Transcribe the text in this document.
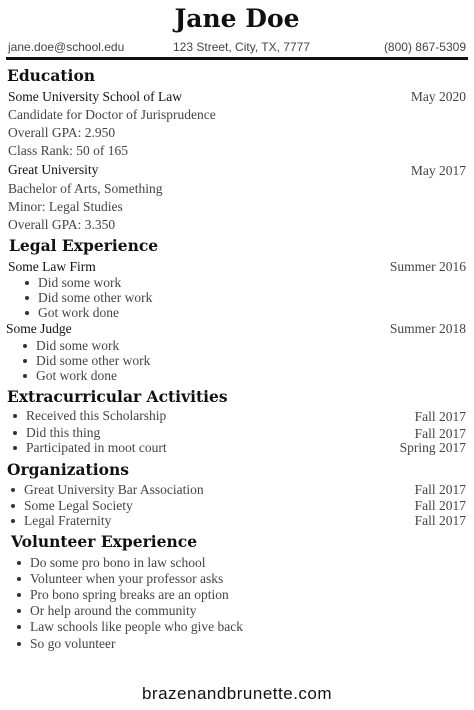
Jane Doe
jane.doe@school.edu	123 Street, City, TX, 7777	(800) 867-5309
Education
Some University School of Law	May 2020
Candidate for Doctor of Jurisprudence
Overall GPA: 2.950
Class Rank: 50 of 165
Great University	May 2017
Bachelor of Arts, Something
Minor: Legal Studies
Overall GPA: 3.350
Legal Experience
Some Law Firm	Summer 2016
Did some work
Did some other work
Got work done
Some Judge	Summer 2018
Did some work
Did some other work
Got work done
Extracurricular Activities
Received this Scholarship	Fall 2017
Did this thing	Fall 2017
Participated in moot court	Spring 2017
Organizations
Great University Bar Association	Fall 2017
Some Legal Society	Fall 2017
Legal Fraternity	Fall 2017
Volunteer Experience
Do some pro bono in law school
Volunteer when your professor asks
Pro bono spring breaks are an option
Or help around the community
Law schools like people who give back
So go volunteer
brazenandbrunette.com
